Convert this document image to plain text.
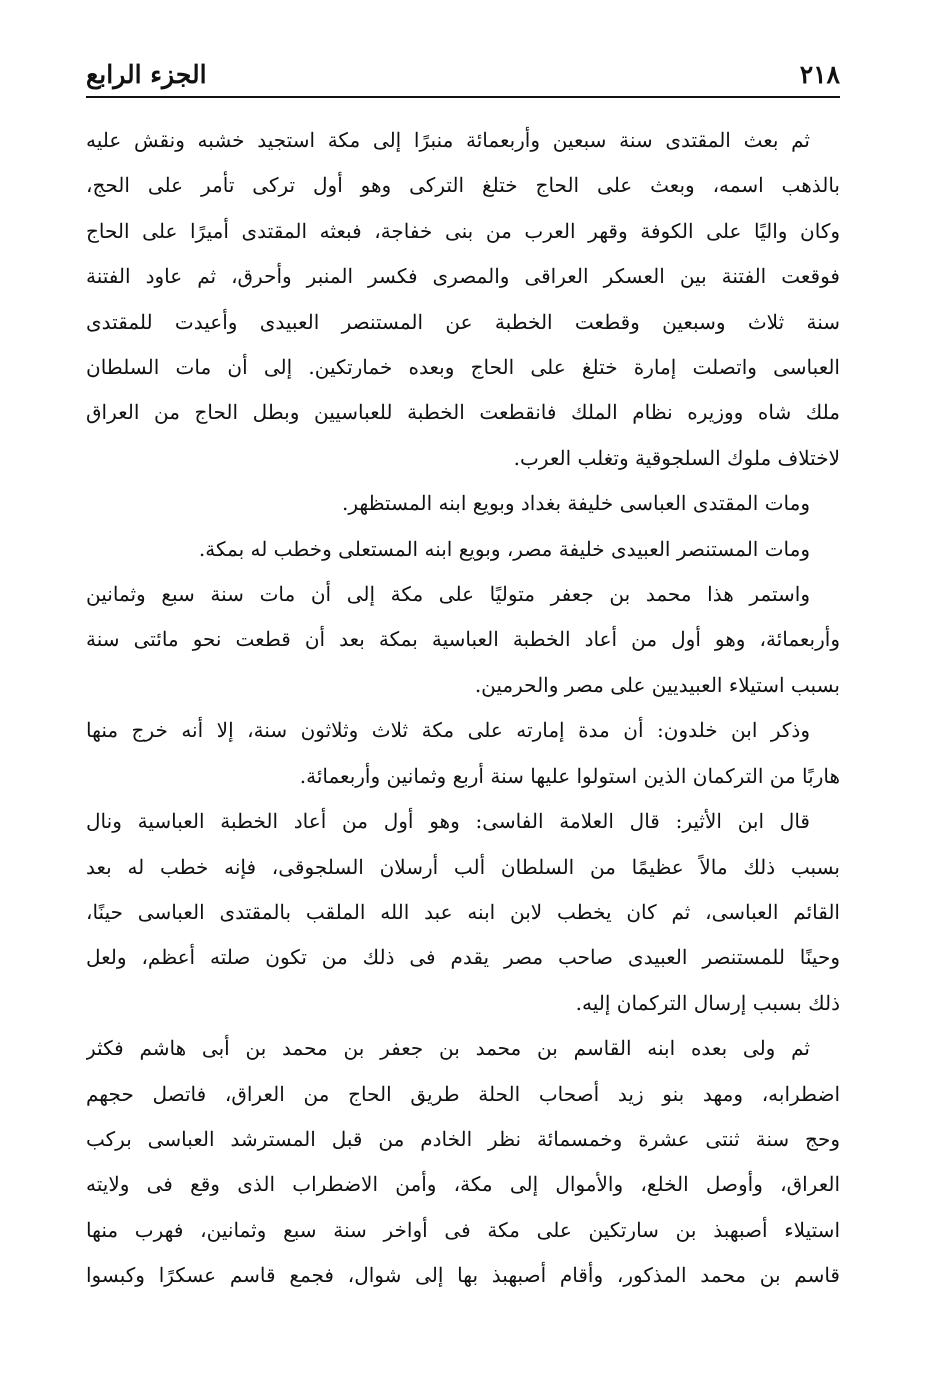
٢١٨
الجزء الرابع

ثم بعث المقتدى سنة سبعين وأربعمائة منبرًا إلى مكة استجيد خشبه ونقش عليه
بالذهب اسمه، وبعث على الحاج ختلغ التركى وهو أول تركى تأمر على الحج،
وكان واليًا على الكوفة وقهر العرب من بنى خفاجة، فبعثه المقتدى أميرًا على الحاج
فوقعت الفتنة بين العسكر العراقى والمصرى فكسر المنبر وأحرق، ثم عاود الفتنة
سنة ثلاث وسبعين وقطعت الخطبة عن المستنصر العبيدى وأعيدت للمقتدى
العباسى واتصلت إمارة ختلغ على الحاج وبعده خمارتكين. إلى أن مات السلطان
ملك شاه ووزيره نظام الملك فانقطعت الخطبة للعباسيين وبطل الحاج من العراق
لاختلاف ملوك السلجوقية وتغلب العرب.

ومات المقتدى العباسى خليفة بغداد وبويع ابنه المستظهر.

ومات المستنصر العبيدى خليفة مصر، وبويع ابنه المستعلى وخطب له بمكة.

واستمر هذا محمد بن جعفر متوليًا على مكة إلى أن مات سنة سبع وثمانين
وأربعمائة، وهو أول من أعاد الخطبة العباسية بمكة بعد أن قطعت نحو مائتى سنة
بسبب استيلاء العبيديين على مصر والحرمين.

وذكر ابن خلدون: أن مدة إمارته على مكة ثلاث وثلاثون سنة، إلا أنه خرج منها
هاربًا من التركمان الذين استولوا عليها سنة أربع وثمانين وأربعمائة.

قال ابن الأثير: قال العلامة الفاسى: وهو أول من أعاد الخطبة العباسية ونال
بسبب ذلك مالاً عظيمًا من السلطان ألب أرسلان السلجوقى، فإنه خطب له بعد
القائم العباسى، ثم كان يخطب لابن ابنه عبد الله الملقب بالمقتدى العباسى حينًا،
وحينًا للمستنصر العبيدى صاحب مصر يقدم فى ذلك من تكون صلته أعظم، ولعل
ذلك بسبب إرسال التركمان إليه.

ثم ولى بعده ابنه القاسم بن محمد بن جعفر بن محمد بن أبى هاشم فكثر
اضطرابه، ومهد بنو زيد أصحاب الحلة طريق الحاج من العراق، فاتصل حجهم
وحج سنة ثنتى عشرة وخمسمائة نظر الخادم من قبل المسترشد العباسى بركب
العراق، وأوصل الخلع، والأموال إلى مكة، وأمن الاضطراب الذى وقع فى ولايته
استيلاء أصبهبذ بن سارتكين على مكة فى أواخر سنة سبع وثمانين، فهرب منها
قاسم بن محمد المذكور، وأقام أصبهبذ بها إلى شوال، فجمع قاسم عسكرًا وكبسوا
